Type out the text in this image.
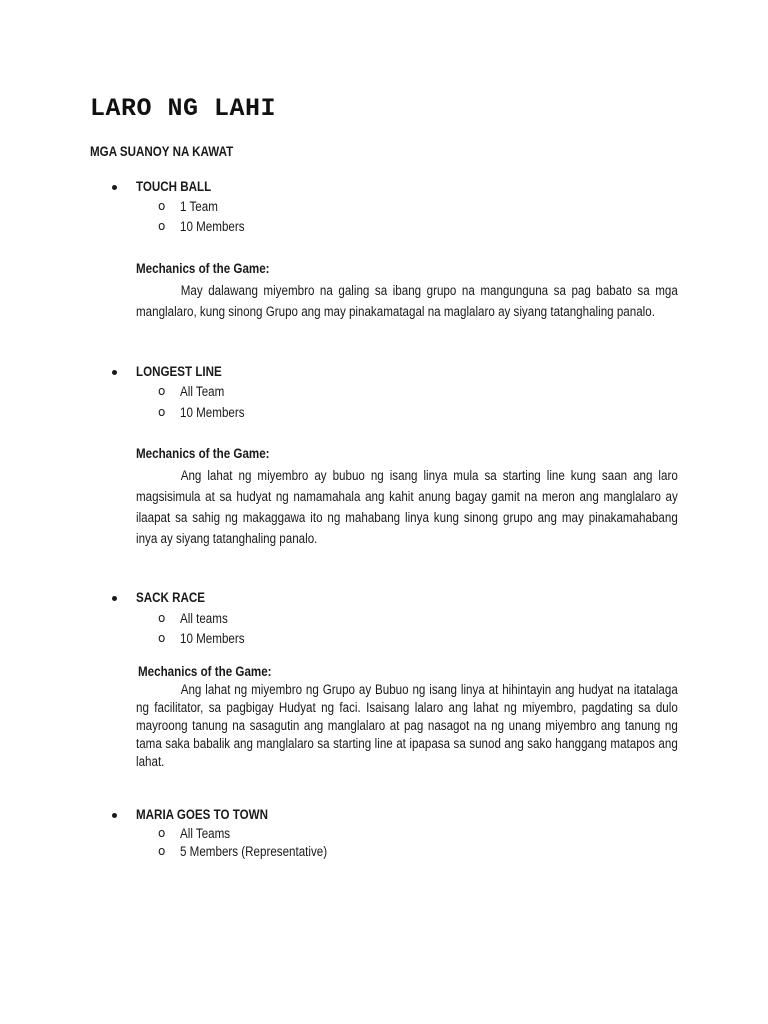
LARO NG LAHI
MGA SUANOY NA KAWAT
TOUCH BALL
o 1 Team
o 10 Members
Mechanics of the Game:

May dalawang miyembro na galing sa ibang grupo na mangunguna sa pag babato sa mga manglalaro, kung sinong Grupo ang may pinakamatagal na maglalaro ay siyang tatanghaling panalo.

LONGEST LINE
o All Team
o 10 Members
Mechanics of the Game:

Ang lahat ng miyembro ay bubuo ng isang linya mula sa starting line kung saan ang laro magsisimula at sa hudyat ng namamahala ang kahit anung bagay gamit na meron ang manglalaro ay ilaapat sa sahig ng makaggawa ito ng mahabang linya kung sinong grupo ang may pinakamahabang inya ay siyang tatanghaling panalo.

SACK RACE
o All teams
o 10 Members
Mechanics of the Game:

Ang lahat ng miyembro ng Grupo ay Bubuo ng isang linya at hihintayin ang hudyat na itatalaga ng facilitator, sa pagbigay Hudyat ng faci. Isaisang lalaro ang lahat ng miyembro, pagdating sa dulo mayroong tanung na sasagutin ang manglalaro at pag nasagot na ng unang miyembro ang tanung ng tama saka babalik ang manglalaro sa starting line at ipapasa sa sunod ang sako hanggang matapos ang lahat.

MARIA GOES TO TOWN
o All Teams
o 5 Members (Representative)
